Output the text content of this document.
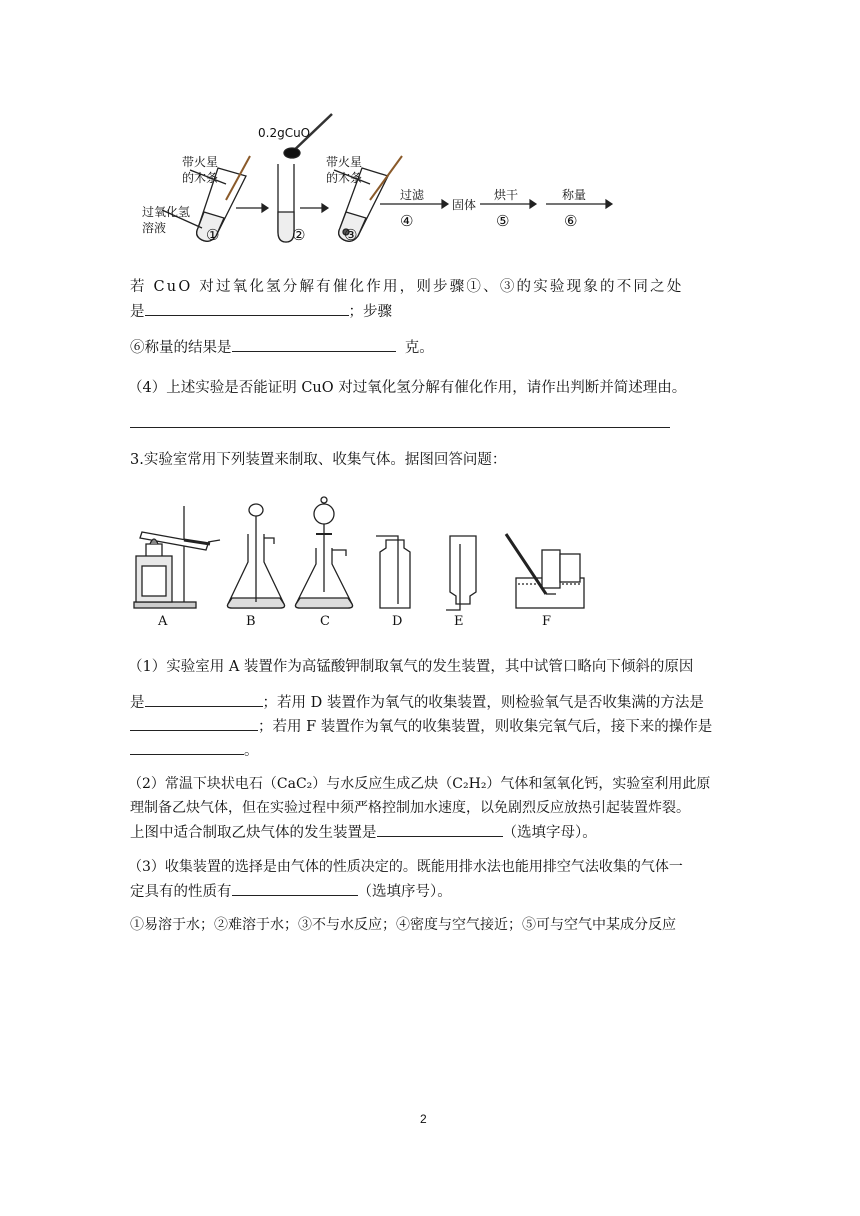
0.2gCuO
带火星的木条
过氧化氢溶液	①	②
带火星的木条
③
过滤
④
固体
烘干
⑤
称量
⑥
若 CuO 对过氧化氢分解有催化作用，则步骤①、③的实验现象的不同之处
是	；步骤
⑥称量的结果是	克。
（4）上述实验是否能证明 CuO 对过氧化氢分解有催化作用，请作出判断并简述理由。
3.实验室常用下列装置来制取、收集气体。据图回答问题：
A	B	C	D	E	F
（1）实验室用 A 装置作为高锰酸钾制取氧气的发生装置，其中试管口略向下倾斜的原因
是	；若用 D 装置作为氧气的收集装置，则检验氧气是否收集满的方法是
；若用 F 装置作为氧气的收集装置，则收集完氧气后，接下来的操作是
。
（2）常温下块状电石（CaC₂）与水反应生成乙炔（C₂H₂）气体和氢氧化钙，实验室利用此原
理制备乙炔气体，但在实验过程中须严格控制加水速度，以免剧烈反应放热引起装置炸裂。
上图中适合制取乙炔气体的发生装置是	（选填字母）。
（3）收集装置的选择是由气体的性质决定的。既能用排水法也能用排空气法收集的气体一
定具有的性质有	（选填序号）。
①易溶于水；②难溶于水；③不与水反应；④密度与空气接近；⑤可与空气中某成分反应
2
